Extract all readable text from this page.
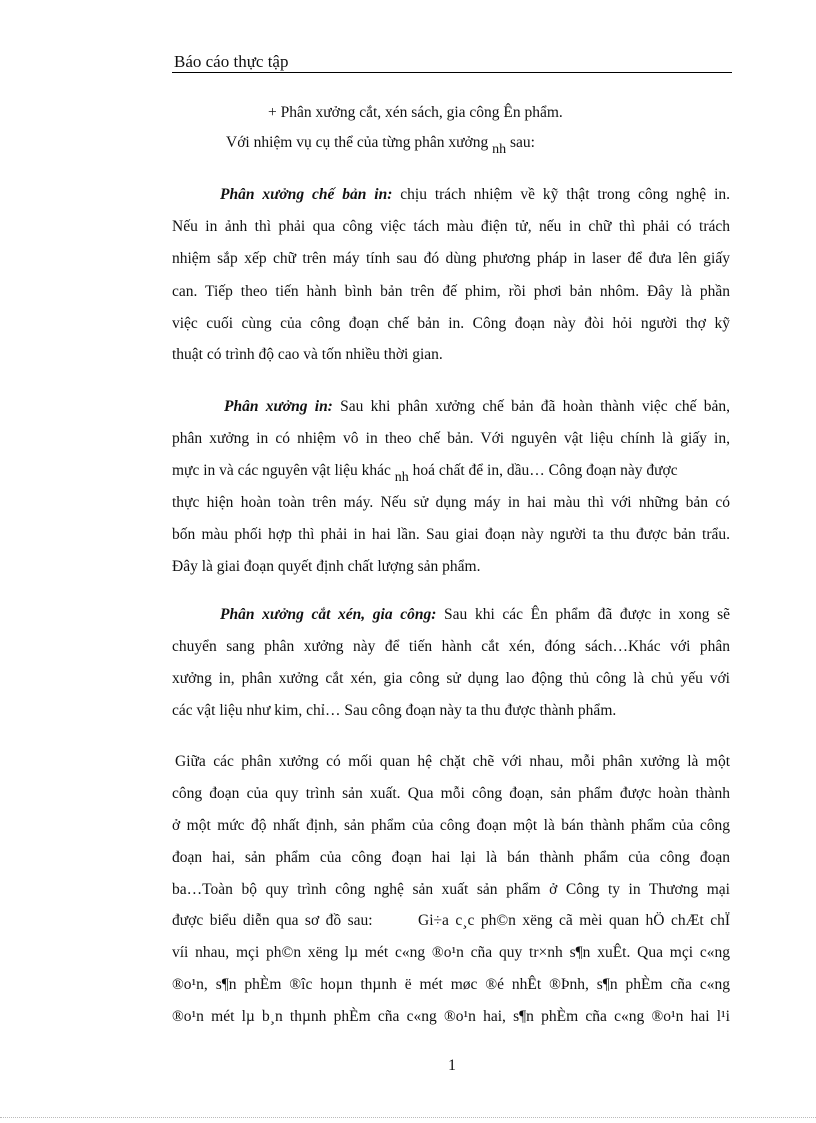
Báo cáo thực tập
+ Phân xưởng cắt, xén sách, gia công Ên phẩm.
Với nhiệm vụ cụ thể của từng phân xưởng nh sau:
Phân xưởng chế bản in: chịu trách nhiệm về kỹ thật trong công nghệ in.
Nếu in ảnh thì phải qua công việc tách màu điện tử, nếu in chữ thì phải có trách
nhiệm sắp xếp chữ trên máy tính sau đó dùng phương pháp in laser để đưa lên giấy
can. Tiếp theo tiến hành bình bản trên đế phim, rồi phơi bản nhôm. Đây là phần
việc cuối cùng của công đoạn chế bản in. Công đoạn này đòi hỏi người thợ kỹ
thuật có trình độ cao và tốn nhiều thời gian.
Phân xưởng in: Sau khi phân xưởng chế bản đã hoàn thành việc chế bản,
phân xưởng in có nhiệm vô in theo chế bản. Với nguyên vật liệu chính là giấy in,
mực in và các nguyên vật liệu khác nh hoá chất để in, dầu… Công đoạn này được
thực hiện hoàn toàn trên máy. Nếu sử dụng máy in hai màu thì với những bản có
bốn màu phối hợp thì phải in hai lần. Sau giai đoạn này người ta thu được bản trẩu.
Đây là giai đoạn quyết định chất lượng sản phẩm.
Phân xưởng cắt xén, gia công: Sau khi các Ên phẩm đã được in xong sẽ
chuyển sang phân xưởng này để tiến hành cắt xén, đóng sách…Khác với phân
xưởng in, phân xưởng cắt xén, gia công sử dụng lao động thủ công là chủ yếu với
các vật liệu như kim, chỉ… Sau công đoạn này ta thu được thành phẩm.
Giữa các phân xưởng có mối quan hệ chặt chẽ với nhau, mỗi phân xưởng là một
công đoạn của quy trình sản xuất. Qua mỗi công đoạn, sản phẩm được hoàn thành
ở một mức độ nhất định, sản phẩm của công đoạn một là bán thành phẩm của công
đoạn hai, sản phẩm của công đoạn hai lại là bán thành phẩm của công đoạn
ba…Toàn bộ quy trình công nghệ sản xuất sản phẩm ở Công ty in Thương mại
được biểu diễn qua sơ đồ sau:       Gi÷a c¸c ph©n xëng cã mèi quan hÖ chÆt chÏ
víi nhau, mçi ph©n xëng lµ mét c«ng ®o¹n cña quy tr×nh s¶n xuÊt. Qua mçi c«ng
®o¹n, s¶n phÈm ®îc hoµn thµnh ë mét møc ®é nhÊt ®Þnh, s¶n phÈm cña c«ng
®o¹n mét lµ b¸n thµnh phÈm cña c«ng ®o¹n hai, s¶n phÈm cña c«ng ®o¹n hai l¹i
1
